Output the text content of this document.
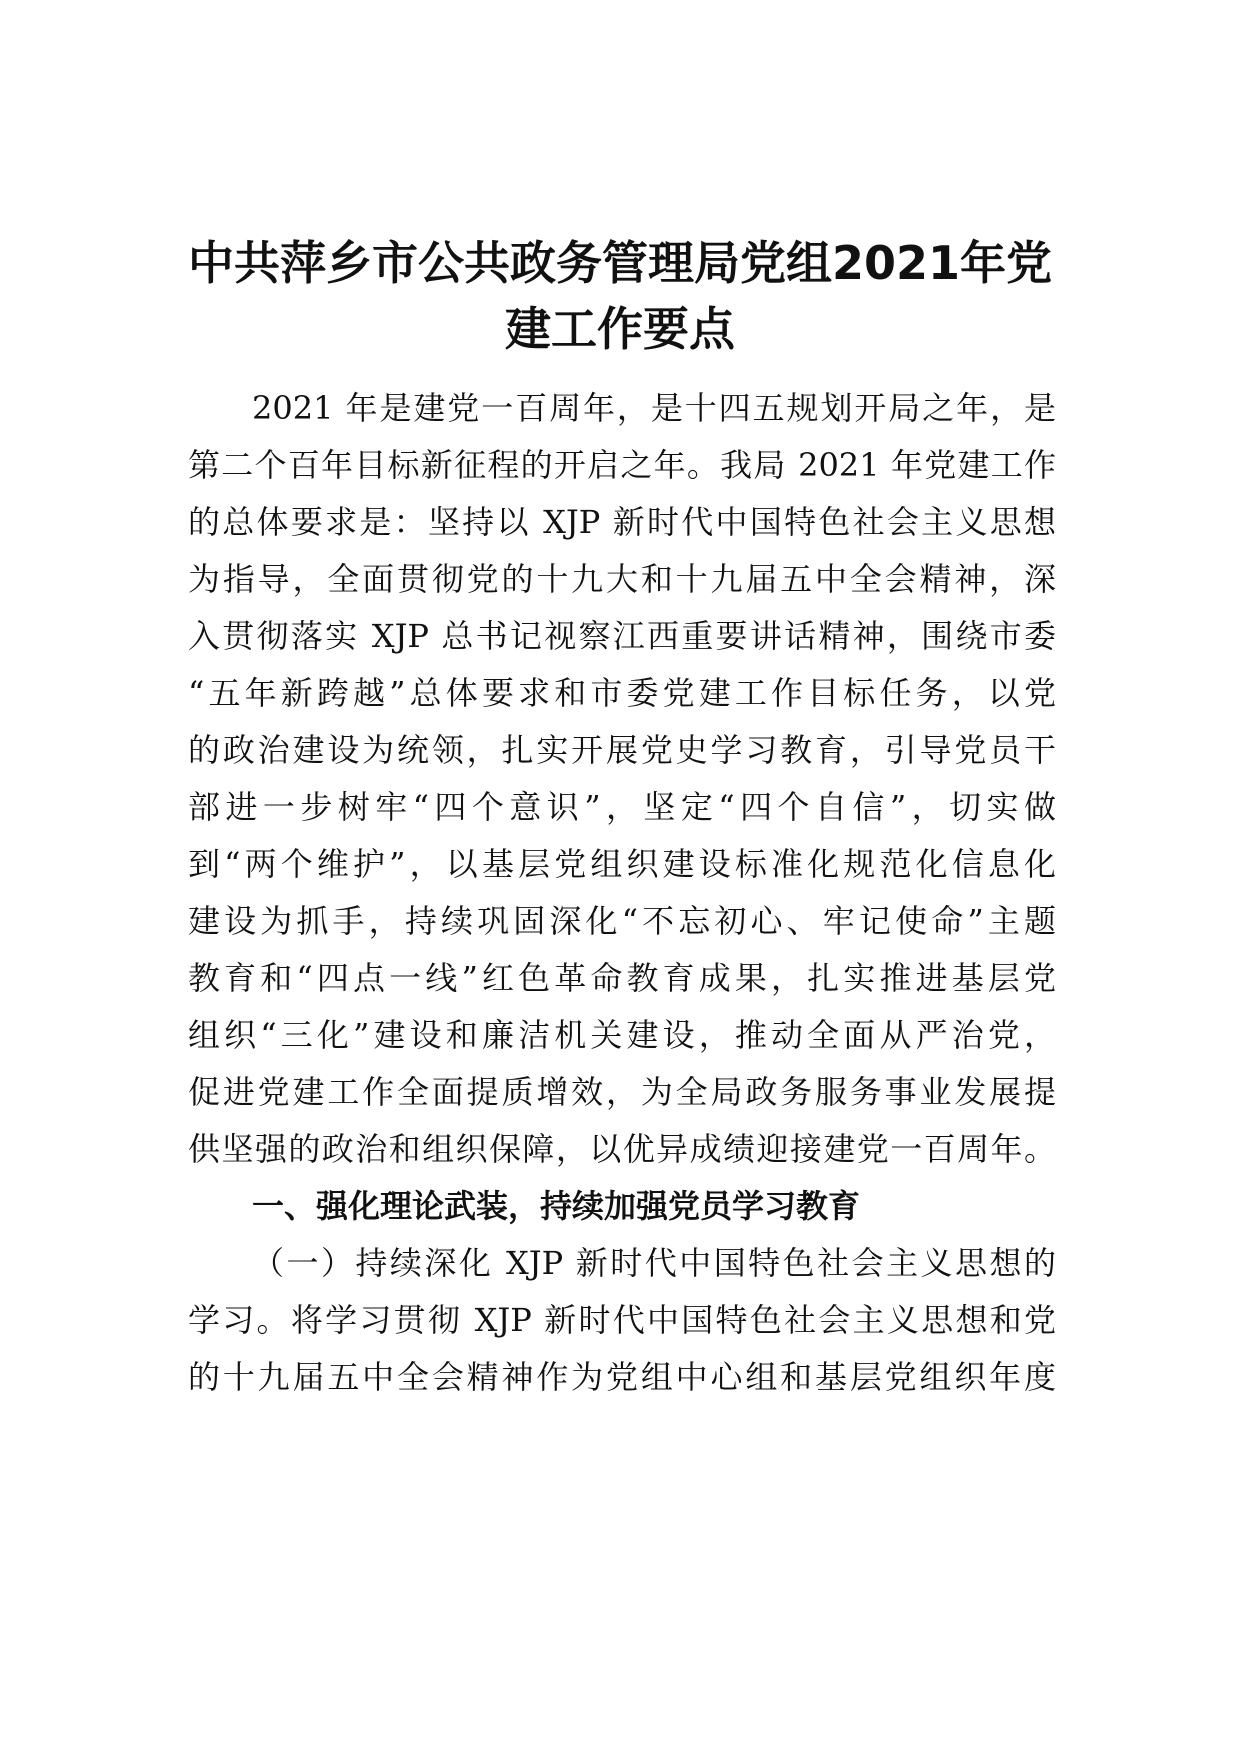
中共萍乡市公共政务管理局党组2021年党
建工作要点
2021 年是建党一百周年，是十四五规划开局之年，是
第二个百年目标新征程的开启之年。我局 2021 年党建工作
的总体要求是：坚持以 XJP 新时代中国特色社会主义思想
为指导，全面贯彻党的十九大和十九届五中全会精神，深
入贯彻落实 XJP 总书记视察江西重要讲话精神，围绕市委
“五年新跨越”总体要求和市委党建工作目标任务，以党
的政治建设为统领，扎实开展党史学习教育，引导党员干
部进一步树牢“四个意识”，坚定“四个自信”，切实做
到“两个维护”，以基层党组织建设标准化规范化信息化
建设为抓手，持续巩固深化“不忘初心、牢记使命”主题
教育和“四点一线”红色革命教育成果，扎实推进基层党
组织“三化”建设和廉洁机关建设，推动全面从严治党，
促进党建工作全面提质增效，为全局政务服务事业发展提
供坚强的政治和组织保障，以优异成绩迎接建党一百周年。
一、强化理论武装，持续加强党员学习教育
（一）持续深化 XJP 新时代中国特色社会主义思想的
学习。将学习贯彻 XJP 新时代中国特色社会主义思想和党
的十九届五中全会精神作为党组中心组和基层党组织年度
